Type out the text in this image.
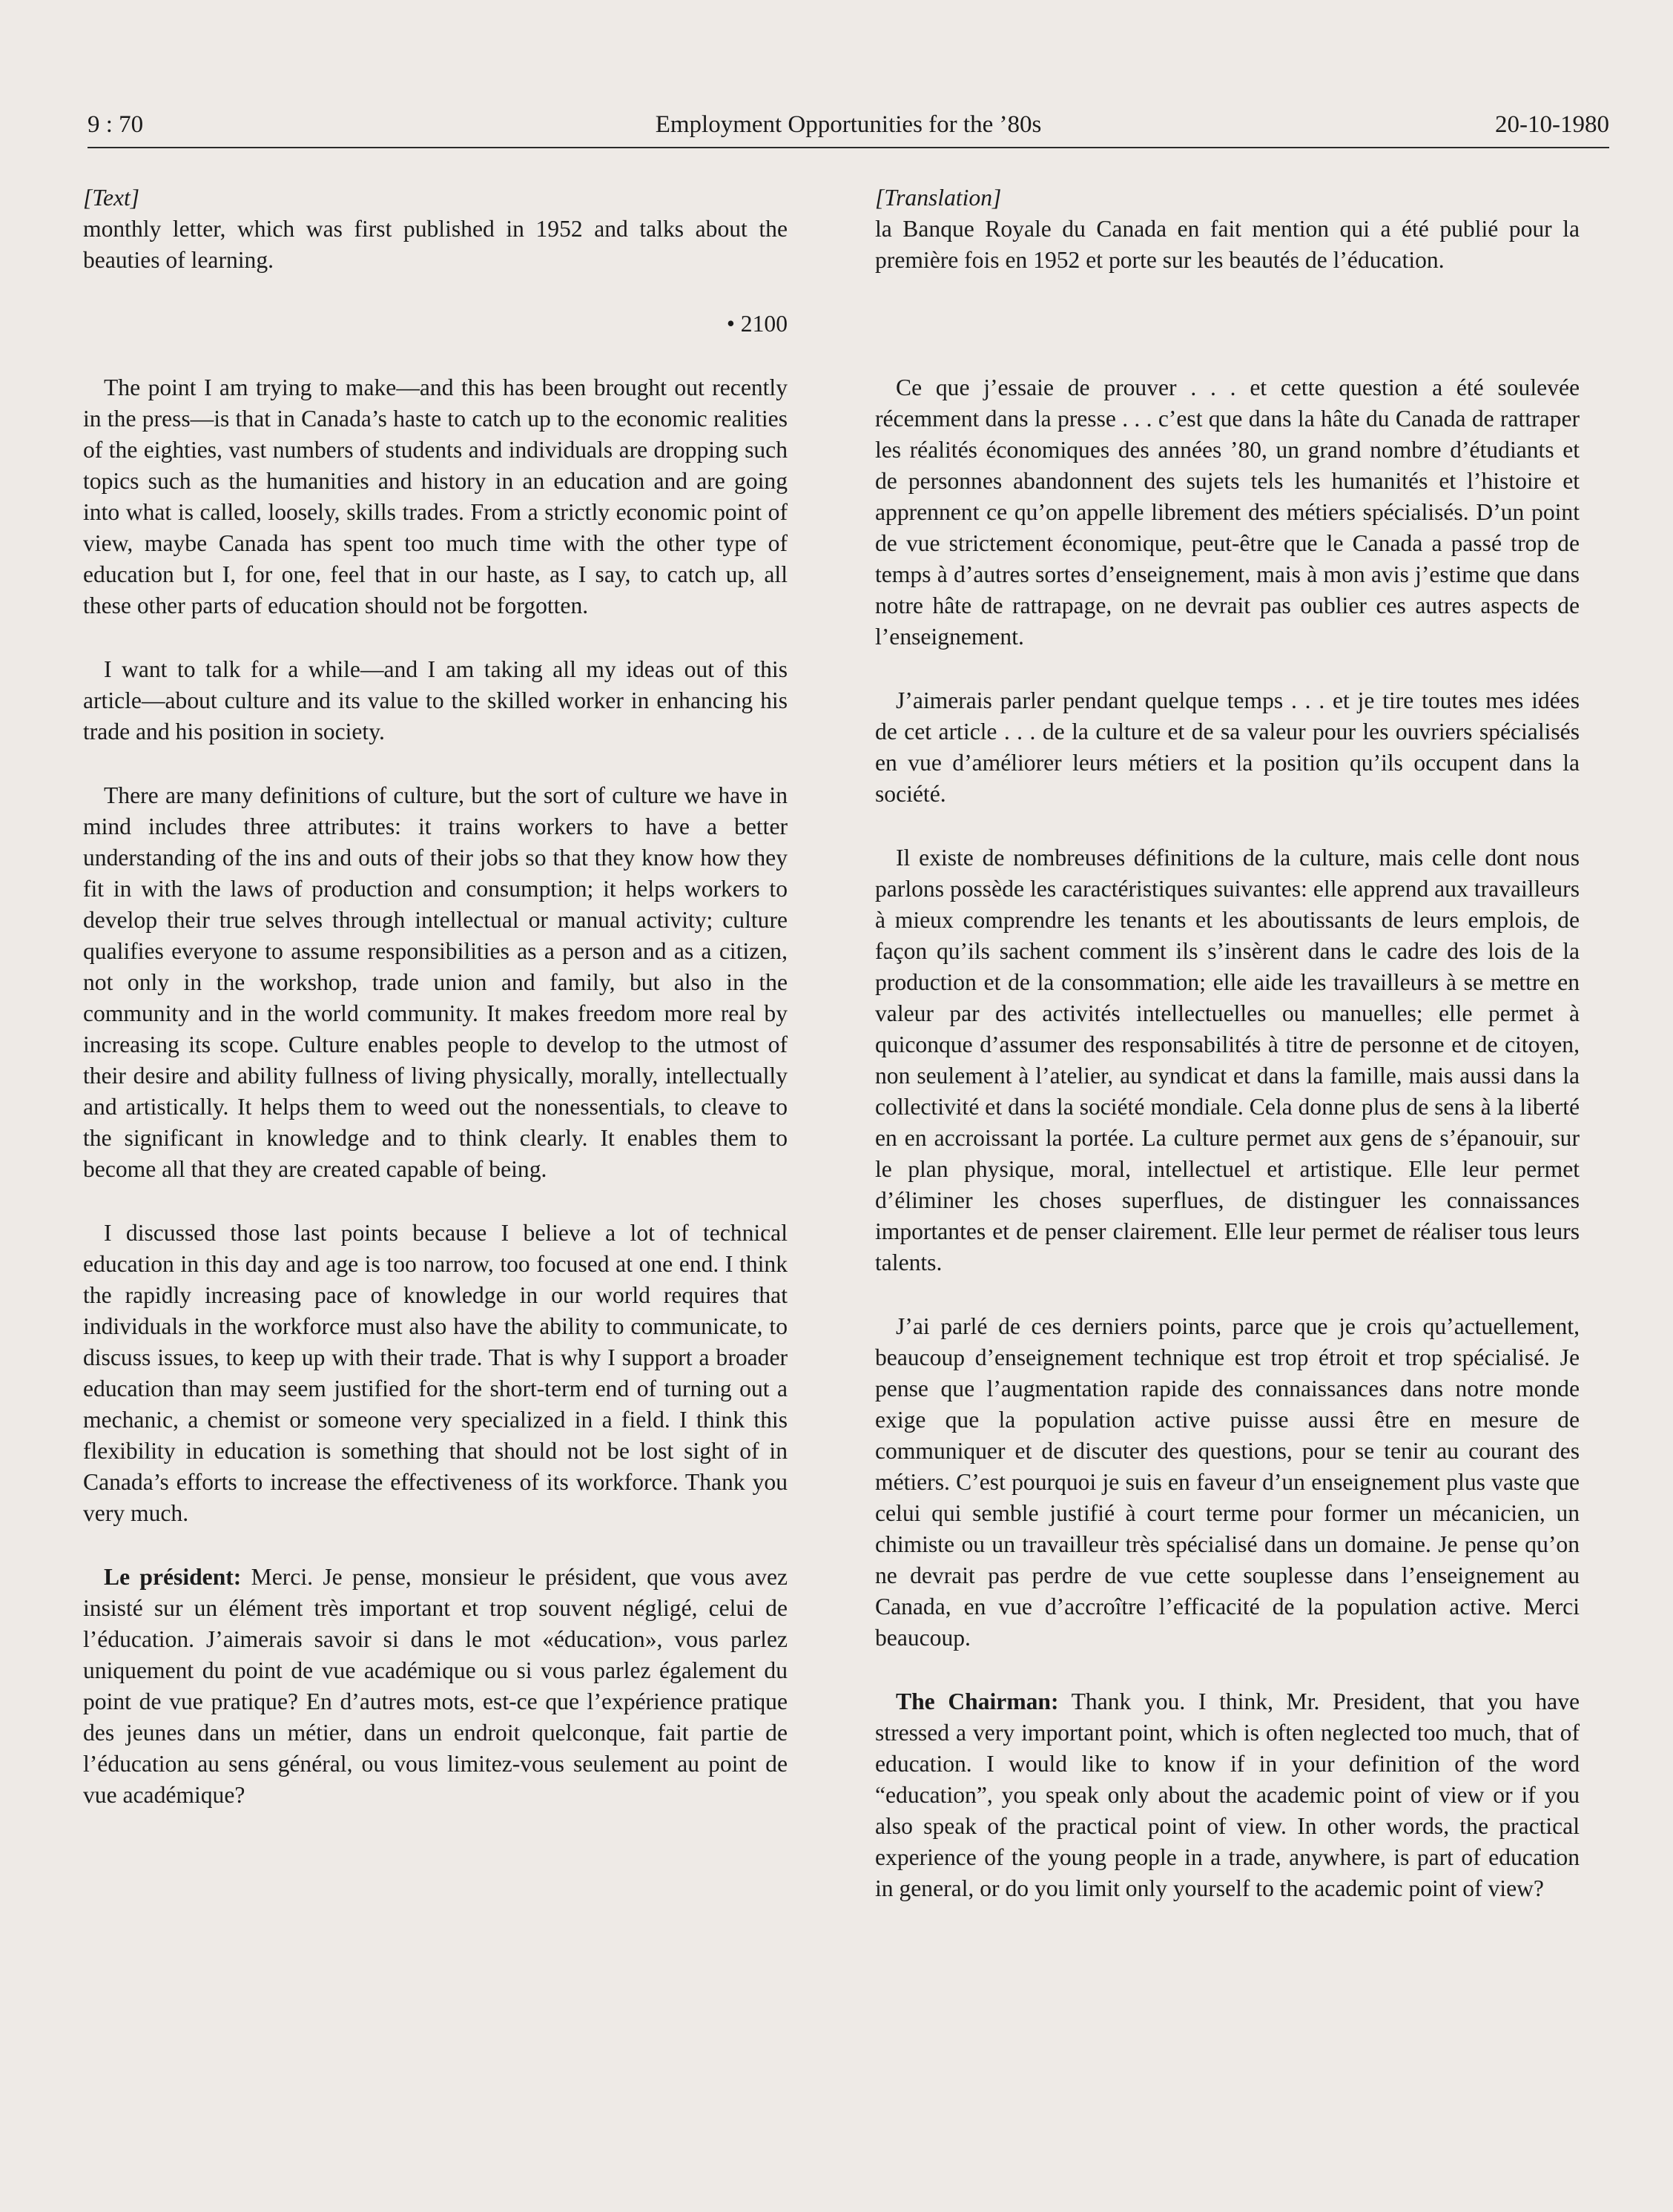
9 : 70	Employment Opportunities for the ’80s	20-10-1980
[Text]

monthly letter, which was first published in 1952 and talks about the beauties of learning.

• 2100

The point I am trying to make—and this has been brought out recently in the press—is that in Canada’s haste to catch up to the economic realities of the eighties, vast numbers of students and individuals are dropping such topics such as the humanities and history in an education and are going into what is called, loosely, skills trades. From a strictly economic point of view, maybe Canada has spent too much time with the other type of education but I, for one, feel that in our haste, as I say, to catch up, all these other parts of education should not be forgotten.

I want to talk for a while—and I am taking all my ideas out of this article—about culture and its value to the skilled worker in enhancing his trade and his position in society.

There are many definitions of culture, but the sort of culture we have in mind includes three attributes: it trains workers to have a better understanding of the ins and outs of their jobs so that they know how they fit in with the laws of production and consumption; it helps workers to develop their true selves through intellectual or manual activity; culture qualifies everyone to assume responsibilities as a person and as a citizen, not only in the workshop, trade union and family, but also in the community and in the world community. It makes freedom more real by increasing its scope. Culture enables people to develop to the utmost of their desire and ability fullness of living physically, morally, intellectually and artistically. It helps them to weed out the nonessentials, to cleave to the significant in knowledge and to think clearly. It enables them to become all that they are created capable of being.

I discussed those last points because I believe a lot of technical education in this day and age is too narrow, too focused at one end. I think the rapidly increasing pace of knowledge in our world requires that individuals in the workforce must also have the ability to communicate, to discuss issues, to keep up with their trade. That is why I support a broader education than may seem justified for the short-term end of turning out a mechanic, a chemist or someone very specialized in a field. I think this flexibility in education is something that should not be lost sight of in Canada’s efforts to increase the effectiveness of its workforce. Thank you very much.

Le président: Merci. Je pense, monsieur le président, que vous avez insisté sur un élément très important et trop souvent négligé, celui de l’éducation. J’aimerais savoir si dans le mot «éducation», vous parlez uniquement du point de vue académique ou si vous parlez également du point de vue pratique? En d’autres mots, est-ce que l’expérience pratique des jeunes dans un métier, dans un endroit quelconque, fait partie de l’éducation au sens général, ou vous limitez-vous seulement au point de vue académique?

[Translation]

la Banque Royale du Canada en fait mention qui a été publié pour la première fois en 1952 et porte sur les beautés de l’éducation.

Ce que j’essaie de prouver . . . et cette question a été soulevée récemment dans la presse . . . c’est que dans la hâte du Canada de rattraper les réalités économiques des années ’80, un grand nombre d’étudiants et de personnes abandonnent des sujets tels les humanités et l’histoire et apprennent ce qu’on appelle librement des métiers spécialisés. D’un point de vue strictement économique, peut-être que le Canada a passé trop de temps à d’autres sortes d’enseignement, mais à mon avis j’estime que dans notre hâte de rattrapage, on ne devrait pas oublier ces autres aspects de l’enseignement.

J’aimerais parler pendant quelque temps . . . et je tire toutes mes idées de cet article . . . de la culture et de sa valeur pour les ouvriers spécialisés en vue d’améliorer leurs métiers et la position qu’ils occupent dans la société.

Il existe de nombreuses définitions de la culture, mais celle dont nous parlons possède les caractéristiques suivantes: elle apprend aux travailleurs à mieux comprendre les tenants et les aboutissants de leurs emplois, de façon qu’ils sachent comment ils s’insèrent dans le cadre des lois de la production et de la consommation; elle aide les travailleurs à se mettre en valeur par des activités intellectuelles ou manuelles; elle permet à quiconque d’assumer des responsabilités à titre de personne et de citoyen, non seulement à l’atelier, au syndicat et dans la famille, mais aussi dans la collectivité et dans la société mondiale. Cela donne plus de sens à la liberté en en accroissant la portée. La culture permet aux gens de s’épanouir, sur le plan physique, moral, intellectuel et artistique. Elle leur permet d’éliminer les choses superflues, de distinguer les connaissances importantes et de penser clairement. Elle leur permet de réaliser tous leurs talents.

J’ai parlé de ces derniers points, parce que je crois qu’actuellement, beaucoup d’enseignement technique est trop étroit et trop spécialisé. Je pense que l’augmentation rapide des connaissances dans notre monde exige que la population active puisse aussi être en mesure de communiquer et de discuter des questions, pour se tenir au courant des métiers. C’est pourquoi je suis en faveur d’un enseignement plus vaste que celui qui semble justifié à court terme pour former un mécanicien, un chimiste ou un travailleur très spécialisé dans un domaine. Je pense qu’on ne devrait pas perdre de vue cette souplesse dans l’enseignement au Canada, en vue d’accroître l’efficacité de la population active. Merci beaucoup.

The Chairman: Thank you. I think, Mr. President, that you have stressed a very important point, which is often neglected too much, that of education. I would like to know if in your definition of the word “education”, you speak only about the academic point of view or if you also speak of the practical point of view. In other words, the practical experience of the young people in a trade, anywhere, is part of education in general, or do you limit only yourself to the academic point of view?
